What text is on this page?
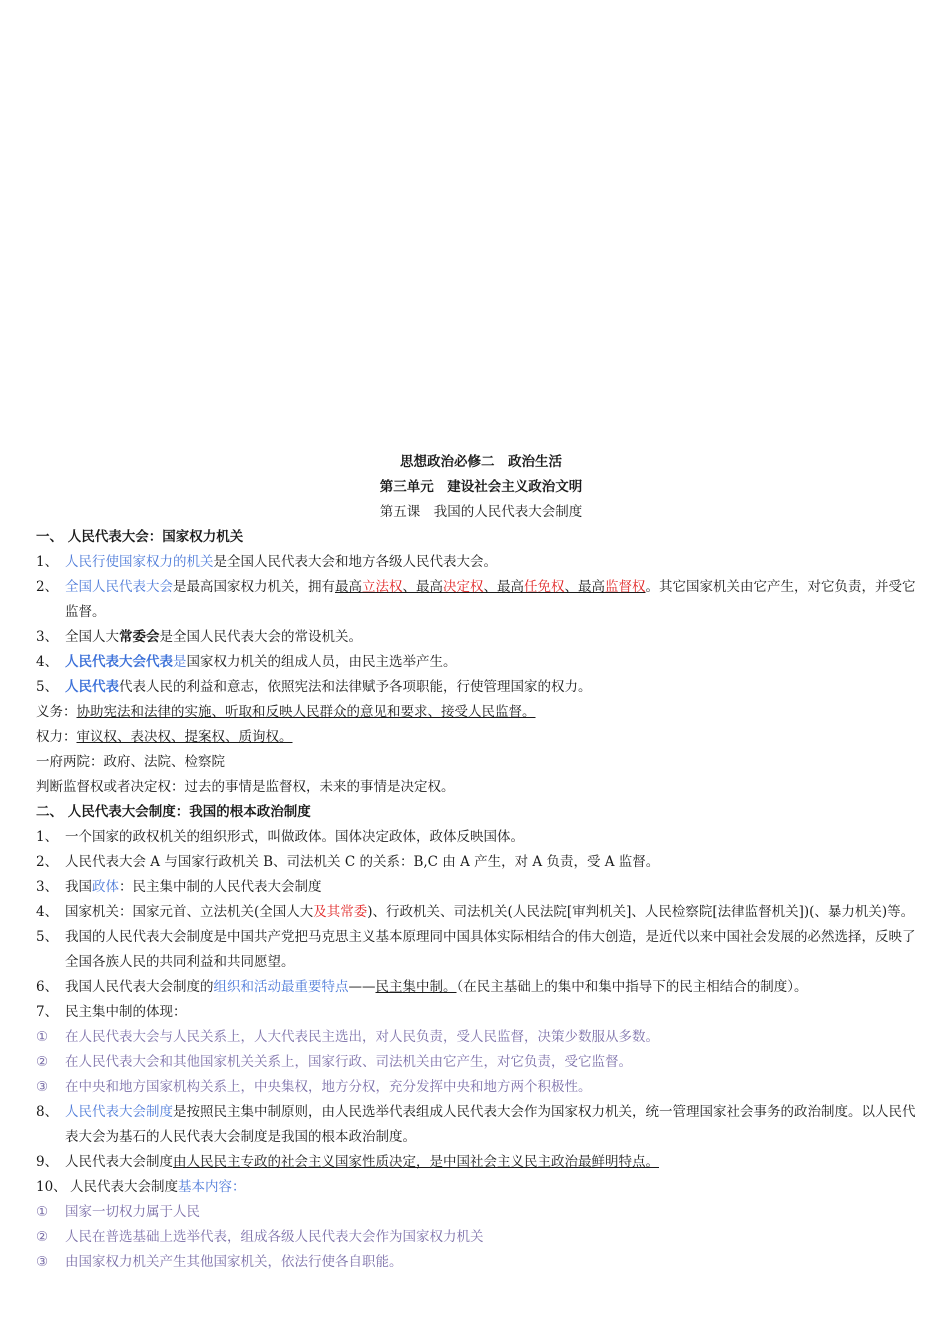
思想政治必修二　政治生活
第三单元　建设社会主义政治文明
第五课　我国的人民代表大会制度
一、 人民代表大会：国家权力机关
1、 人民行使国家权力的机关是全国人民代表大会和地方各级人民代表大会。
2、 全国人民代表大会是最高国家权力机关，拥有最高立法权、最高决定权、最高任免权、最高监督权。其它国家机关由它产生，对它负责，并受它监督。
3、 全国人大常委会是全国人民代表大会的常设机关。
4、 人民代表大会代表是国家权力机关的组成人员，由民主选举产生。
5、 人民代表代表人民的利益和意志，依照宪法和法律赋予各项职能，行使管理国家的权力。
义务：协助宪法和法律的实施、听取和反映人民群众的意见和要求、接受人民监督。
权力：审议权、表决权、提案权、质询权。
一府两院：政府、法院、检察院
判断监督权或者决定权：过去的事情是监督权，未来的事情是决定权。
二、 人民代表大会制度：我国的根本政治制度
1、 一个国家的政权机关的组织形式，叫做政体。国体决定政体，政体反映国体。
2、 人民代表大会 A 与国家行政机关 B、司法机关 C 的关系：B,C 由 A 产生，对 A 负责，受 A 监督。
3、 我国政体：民主集中制的人民代表大会制度
4、 国家机关：国家元首、立法机关(全国人大及其常委)、行政机关、司法机关(人民法院[审判机关]、人民检察院[法律监督机关])(、暴力机关)等。
5、 我国的人民代表大会制度是中国共产党把马克思主义基本原理同中国具体实际相结合的伟大创造，是近代以来中国社会发展的必然选择，反映了全国各族人民的共同利益和共同愿望。
6、 我国人民代表大会制度的组织和活动最重要特点——民主集中制。（在民主基础上的集中和集中指导下的民主相结合的制度）。
7、 民主集中制的体现：
①	在人民代表大会与人民关系上，人大代表民主选出，对人民负责，受人民监督，决策少数服从多数。
②	在人民代表大会和其他国家机关关系上，国家行政、司法机关由它产生，对它负责，受它监督。
③	在中央和地方国家机构关系上，中央集权，地方分权，充分发挥中央和地方两个积极性。
8、 人民代表大会制度是按照民主集中制原则，由人民选举代表组成人民代表大会作为国家权力机关，统一管理国家社会事务的政治制度。以人民代表大会为基石的人民代表大会制度是我国的根本政治制度。
9、 人民代表大会制度由人民民主专政的社会主义国家性质决定，是中国社会主义民主政治最鲜明特点。
10、 人民代表大会制度基本内容：
①	国家一切权力属于人民
②	人民在普选基础上选举代表，组成各级人民代表大会作为国家权力机关
③	由国家权力机关产生其他国家机关，依法行使各自职能。
